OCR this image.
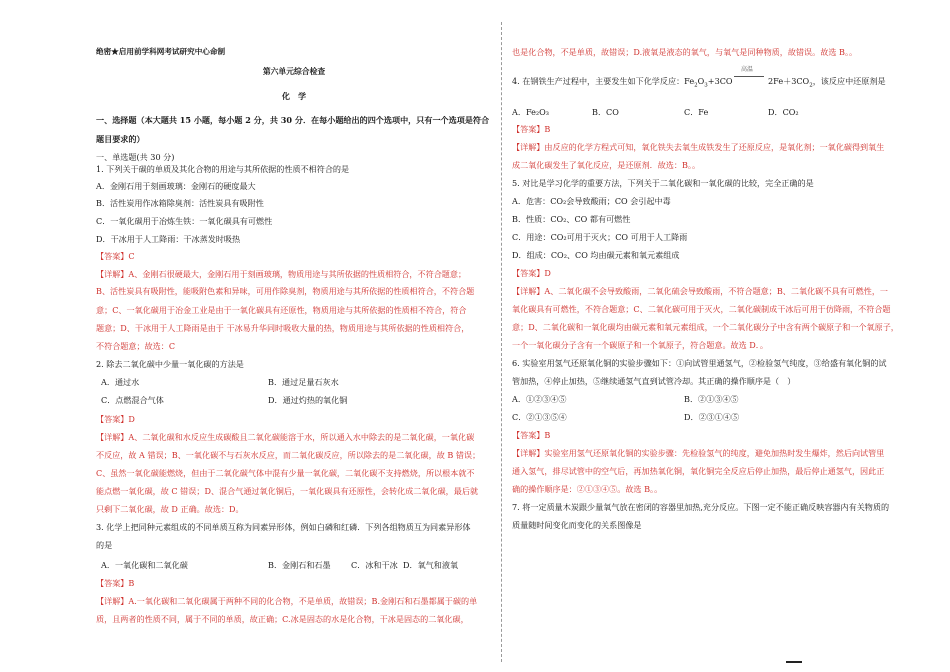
绝密★启用前学科网考试研究中心命制
第六单元综合检查
化　学
一、选择题（本大题共 15 小题，每小题 2 分，共 30 分．在每小题给出的四个选项中，只有一个选项是符合
题目要求的）
一、单选题(共 30 分)
1. 下列关于碳的单质及其化合物的用途与其所依据的性质不相符合的是
A．金刚石用于刻画玻璃：金刚石的硬度最大
B．活性炭用作冰箱除臭剂：活性炭具有吸附性
C．一氧化碳用于冶炼生铁：一氧化碳具有可燃性
D．干冰用于人工降雨：干冰蒸发时吸热
【答案】C
【详解】A、金刚石很硬最大，金刚石用于刻画玻璃，物质用途与其所依据的性质相符合，不符合题意；
B、活性炭具有吸附性，能吸附色素和异味，可用作除臭剂，物质用途与其所依据的性质相符合，不符合题
意；C、一氧化碳用于冶金工业是由于一氧化碳具有还原性，物质用途与其所依据的性质相不符合，符合
题意；D、干冰用于人工降雨是由于 干冰易升华同时吸收大量的热，物质用途与其所依据的性质相符合，
不符合题意；故选：C
2. 除去二氧化碳中少量一氧化碳的方法是
A．通过水	B．通过足量石灰水
C．点燃混合气体	D．通过灼热的氧化铜
【答案】D
【详解】A、二氧化碳和水反应生成碳酸且二氧化碳能溶于水，所以通入水中除去的是二氧化碳，一氧化碳
不反应，故 A 错误；B、一氧化碳不与石灰水反应，而二氧化碳反应，所以除去的是二氧化碳，故 B 错误；
C、虽然一氧化碳能燃烧，但由于二氧化碳气体中混有少量一氧化碳，二氧化碳不支持燃烧，所以根本就不
能点燃一氧化碳，故 C 错误；D、混合气通过氧化铜后，一氧化碳具有还原性，会转化成二氧化碳，最后就
只剩下二氧化碳，故 D 正确。故选：D。
3. 化学上把同种元素组成的不同单质互称为同素异形体，例如白磷和红磷．下列各组物质互为同素异形体
的是
A．一氧化碳和二氧化碳	B．金刚石和石墨	C．冰和干冰 D．氧气和液氧
【答案】B
【详解】A.一氧化碳和二氧化碳属于两种不同的化合物，不是单质，故错误；B.金刚石和石墨都属于碳的单
质，且两者的性质不同，属于不同的单质，故正确；C.冰是固态的水是化合物，干冰是固态的二氧化碳，
也是化合物，不是单质，故错误；D.液氧是液态的氧气，与氧气是同种物质，故错误。故选 B。。
4. 在钢铁生产过程中，主要发生如下化学反应：$Fe_2O_3+3CO$
高温
$2Fe+3CO_2$，该反应中还原剂是
A．Fe₂O₃	B．CO	C．Fe	D．CO₂
【答案】B
【详解】由反应的化学方程式可知，氧化铁失去氧生成铁发生了还原反应，是氧化剂；一氧化碳得到氧生
成二氧化碳发生了氧化反应，是还原剂．故选：B。。
5. 对比是学习化学的重要方法，下列关于二氧化碳和一氧化碳的比较，完全正确的是
A．危害：CO₂会导致酸雨；CO 会引起中毒
B．性质：CO₂、CO 都有可燃性
C．用途：CO₂可用于灭火；CO 可用于人工降雨
D．组成：CO₂、CO 均由碳元素和氧元素组成
【答案】D
【详解】A、二氧化碳不会导致酸雨，二氧化硫会导致酸雨，不符合题意；B、二氧化碳不具有可燃性，一
氧化碳具有可燃性，不符合题意；C、二氧化碳可用于灭火，二氧化碳制成干冰后可用于仿降雨，不符合题
意；D、二氧化碳和一氧化碳均由碳元素和氧元素组成，一个二氧化碳分子中含有两个碳原子和一个氧原子，
一个一氧化碳分子含有一个碳原子和一个氧原子，符合题意。故选 D．。
6. 实验室用氢气还原氧化铜的实验步骤如下：①向试管里通氢气，②检验氢气纯度，③给盛有氧化铜的试
管加热，④停止加热，⑤继续通氢气直到试管冷却。其正确的操作顺序是（　）
A．①②③④⑤	B．②①③④⑤
C．②①③⑤④	D．②③①④⑤
【答案】B
【详解】实验室用氢气还原氧化铜的实验步骤：先检验氢气的纯度，避免加热时发生爆炸，然后向试管里
通入氢气，排尽试管中的空气后，再加热氧化铜，氧化铜完全反应后停止加热，最后停止通氢气，因此正
确的操作顺序是：②①③④⑤。故选 B。。
7. 将一定质量木炭跟少量氧气放在密闭的容器里加热,充分反应。下图一定不能正确反映容器内有关物质的
质量随时间变化而变化的关系图像是
